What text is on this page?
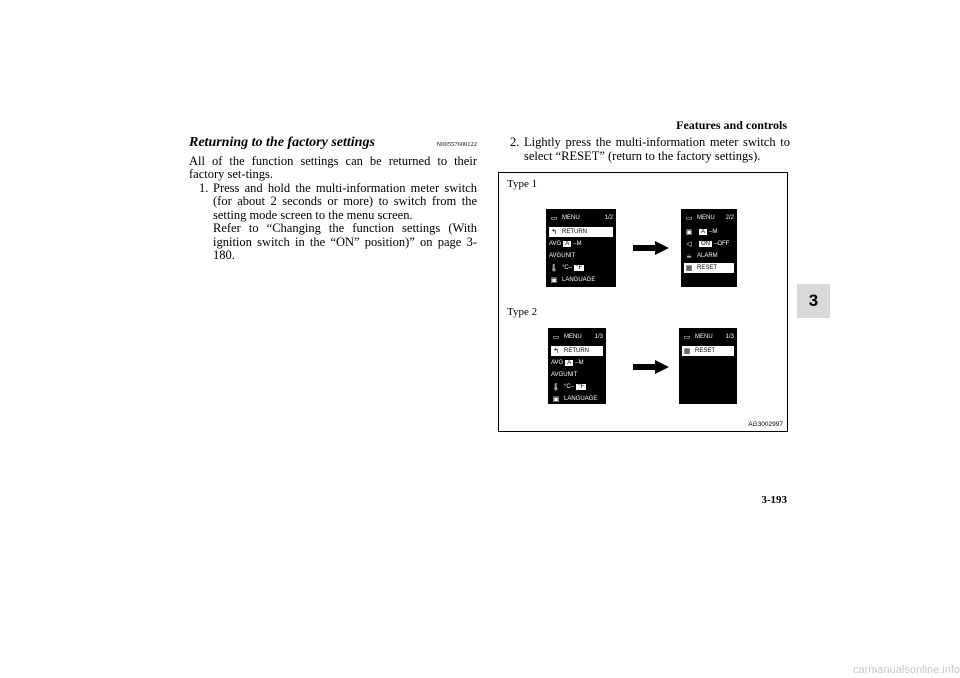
Features and controls
3-193
3
Returning to the factory settings	N00557600122
All of the function settings can be returned to their factory set-tings.
1. Press and hold the multi-information meter switch (for about 2 seconds or more) to switch from the setting mode screen to the menu screen.
Refer to “Changing the function settings (With ignition switch in the “ON” position)” on page 3-180.
2. Lightly press the multi-information meter switch to select “RESET” (return to the factory settings).
Type 1
Type 2
▭ MENU	1/2
↰ RETURN
AVG A – M
AVG UNIT
🌡 °C – °F
▣ LANGUAGE
▭ MENU 2/2
▣	A – M
◁	ON – OFF
☕ ALARM
▦ RESET
▭ MENU 1/3
↰ RETURN
AVG A – M
AVG UNIT
🌡 °C – °F
▣ LANGUAGE
▭ MENU 1/3
▦ RESET
AG3002997
carmanualsonline.info
